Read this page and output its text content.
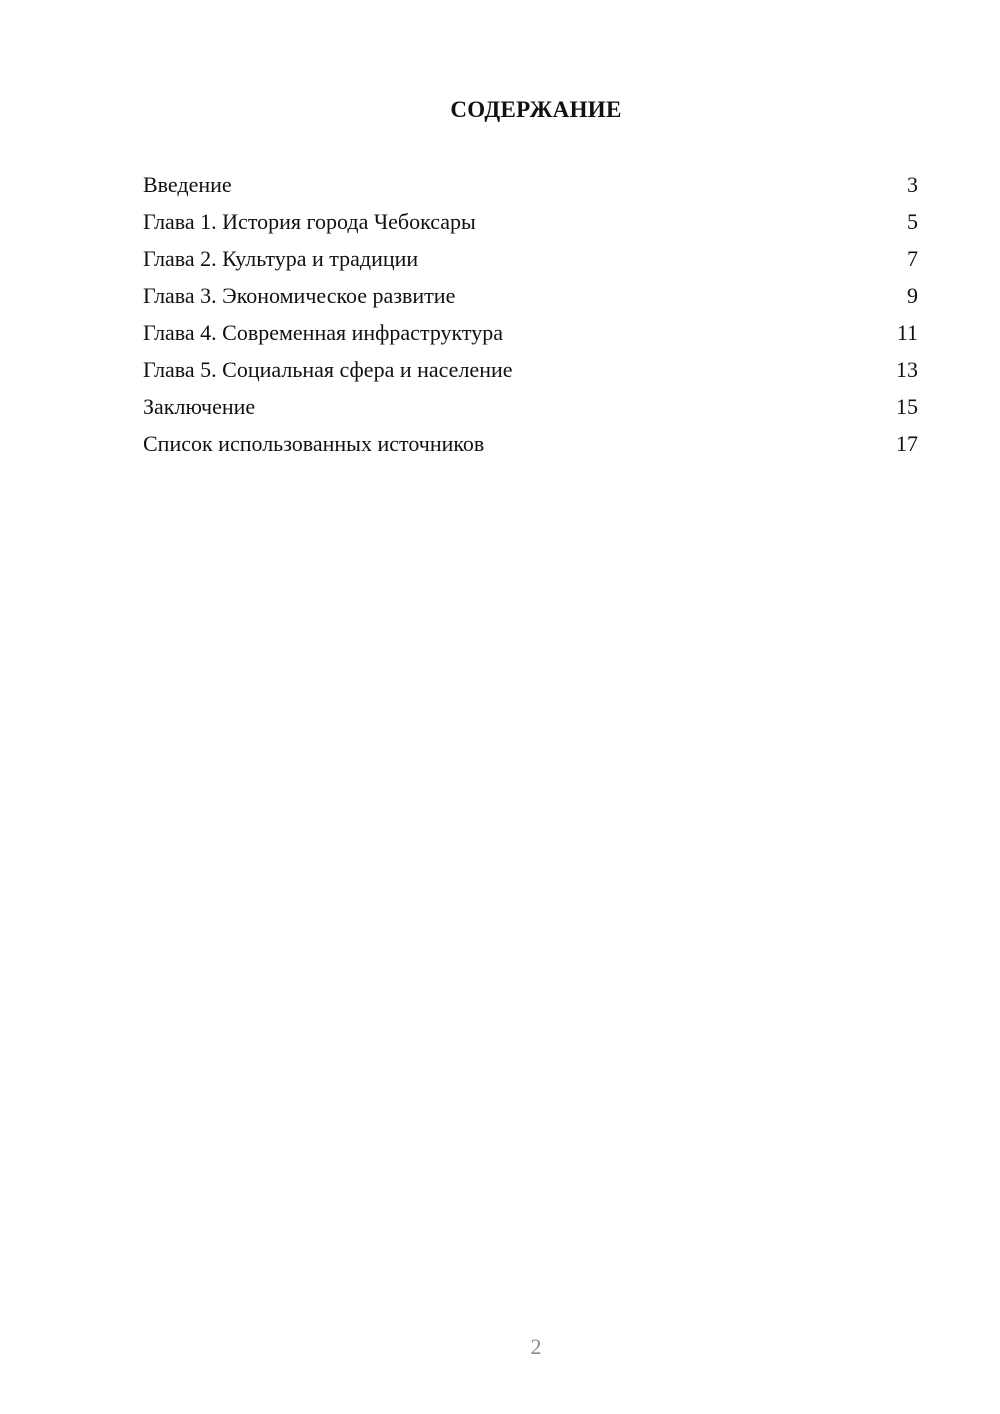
СОДЕРЖАНИЕ
Введение	3
Глава 1. История города Чебоксары	5
Глава 2. Культура и традиции	7
Глава 3. Экономическое развитие	9
Глава 4. Современная инфраструктура	11
Глава 5. Социальная сфера и население	13
Заключение	15
Список использованных источников	17
2
